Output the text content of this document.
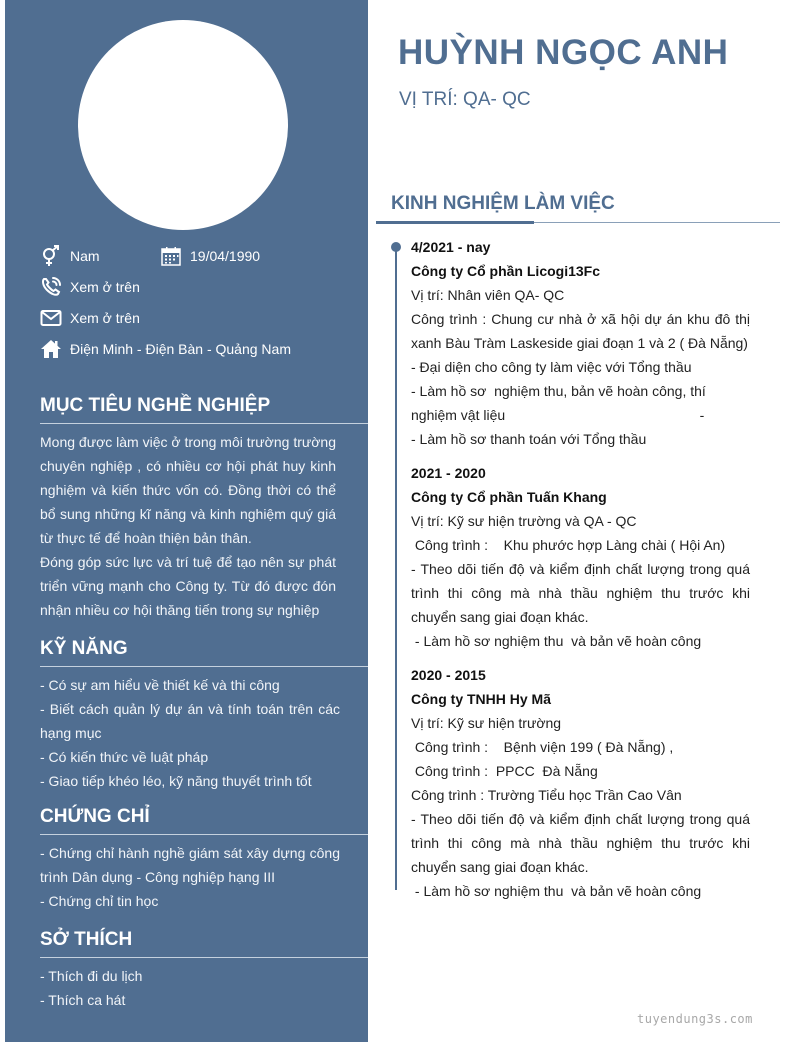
Nam	19/04/1990
Xem ở trên
Xem ở trên
Điện Minh - Điện Bàn - Quảng Nam
MỤC TIÊU NGHỀ NGHIỆP
Mong được làm việc ở trong môi trường trường chuyên nghiệp , có nhiều cơ hội phát huy kinh nghiệm và kiến thức vốn có. Đồng thời có thể bổ sung những kĩ năng và kinh nghiệm quý giá từ thực tế để hoàn thiện bản thân.
Đóng góp sức lực và trí tuệ để tạo nên sự phát triển vững mạnh cho Công ty. Từ đó được đón nhận nhiều cơ hội thăng tiến trong sự nghiệp
KỸ NĂNG
- Có sự am hiểu về thiết kế và thi công
- Biết cách quản lý dự án và tính toán trên các hạng mục
- Có kiến thức về luật pháp
- Giao tiếp khéo léo, kỹ năng thuyết trình tốt
CHỨNG CHỈ
- Chứng chỉ hành nghề giám sát xây dựng công trình Dân dụng - Công nghiệp hạng III
- Chứng chỉ tin học
SỞ THÍCH
- Thích đi du lịch
- Thích ca hát
HUỲNH NGỌC ANH
VỊ TRÍ: QA- QC
KINH NGHIỆM LÀM VIỆC
4/2021 - nay
Công ty Cổ phần Licogi13Fc
Vị trí: Nhân viên QA- QC
Công trình : Chung cư nhà ở xã hội dự án khu đô thị xanh Bàu Tràm Laskeside giai đoạn 1 và 2 ( Đà Nẵng)
- Đại diện cho công ty làm việc với Tổng thầu
- Làm hồ sơ  nghiệm thu, bản vẽ hoàn công, thí nghiệm vật liệu                                                  -
- Làm hồ sơ thanh toán với Tổng thầu
2021 - 2020
Công ty Cổ phần Tuấn Khang
Vị trí: Kỹ sư hiện trường và QA - QC
Công trình :    Khu phước hợp Làng chài ( Hội An)
- Theo dõi tiến độ và kiểm định chất lượng trong quá trình thi công mà nhà thầu nghiệm thu trước khi chuyển sang giai đoạn khác.
- Làm hồ sơ nghiệm thu  và bản vẽ hoàn công
2020 - 2015
Công ty TNHH Hy Mã
Vị trí: Kỹ sư hiện trường
Công trình :    Bệnh viện 199 ( Đà Nẵng) ,
Công trình :  PPCC  Đà Nẵng
Công trình : Trường Tiểu học Trần Cao Vân
- Theo dõi tiến độ và kiểm định chất lượng trong quá trình thi công mà nhà thầu nghiệm thu trước khi chuyển sang giai đoạn khác.
- Làm hồ sơ nghiệm thu  và bản vẽ hoàn công
tuyendung3s.com
